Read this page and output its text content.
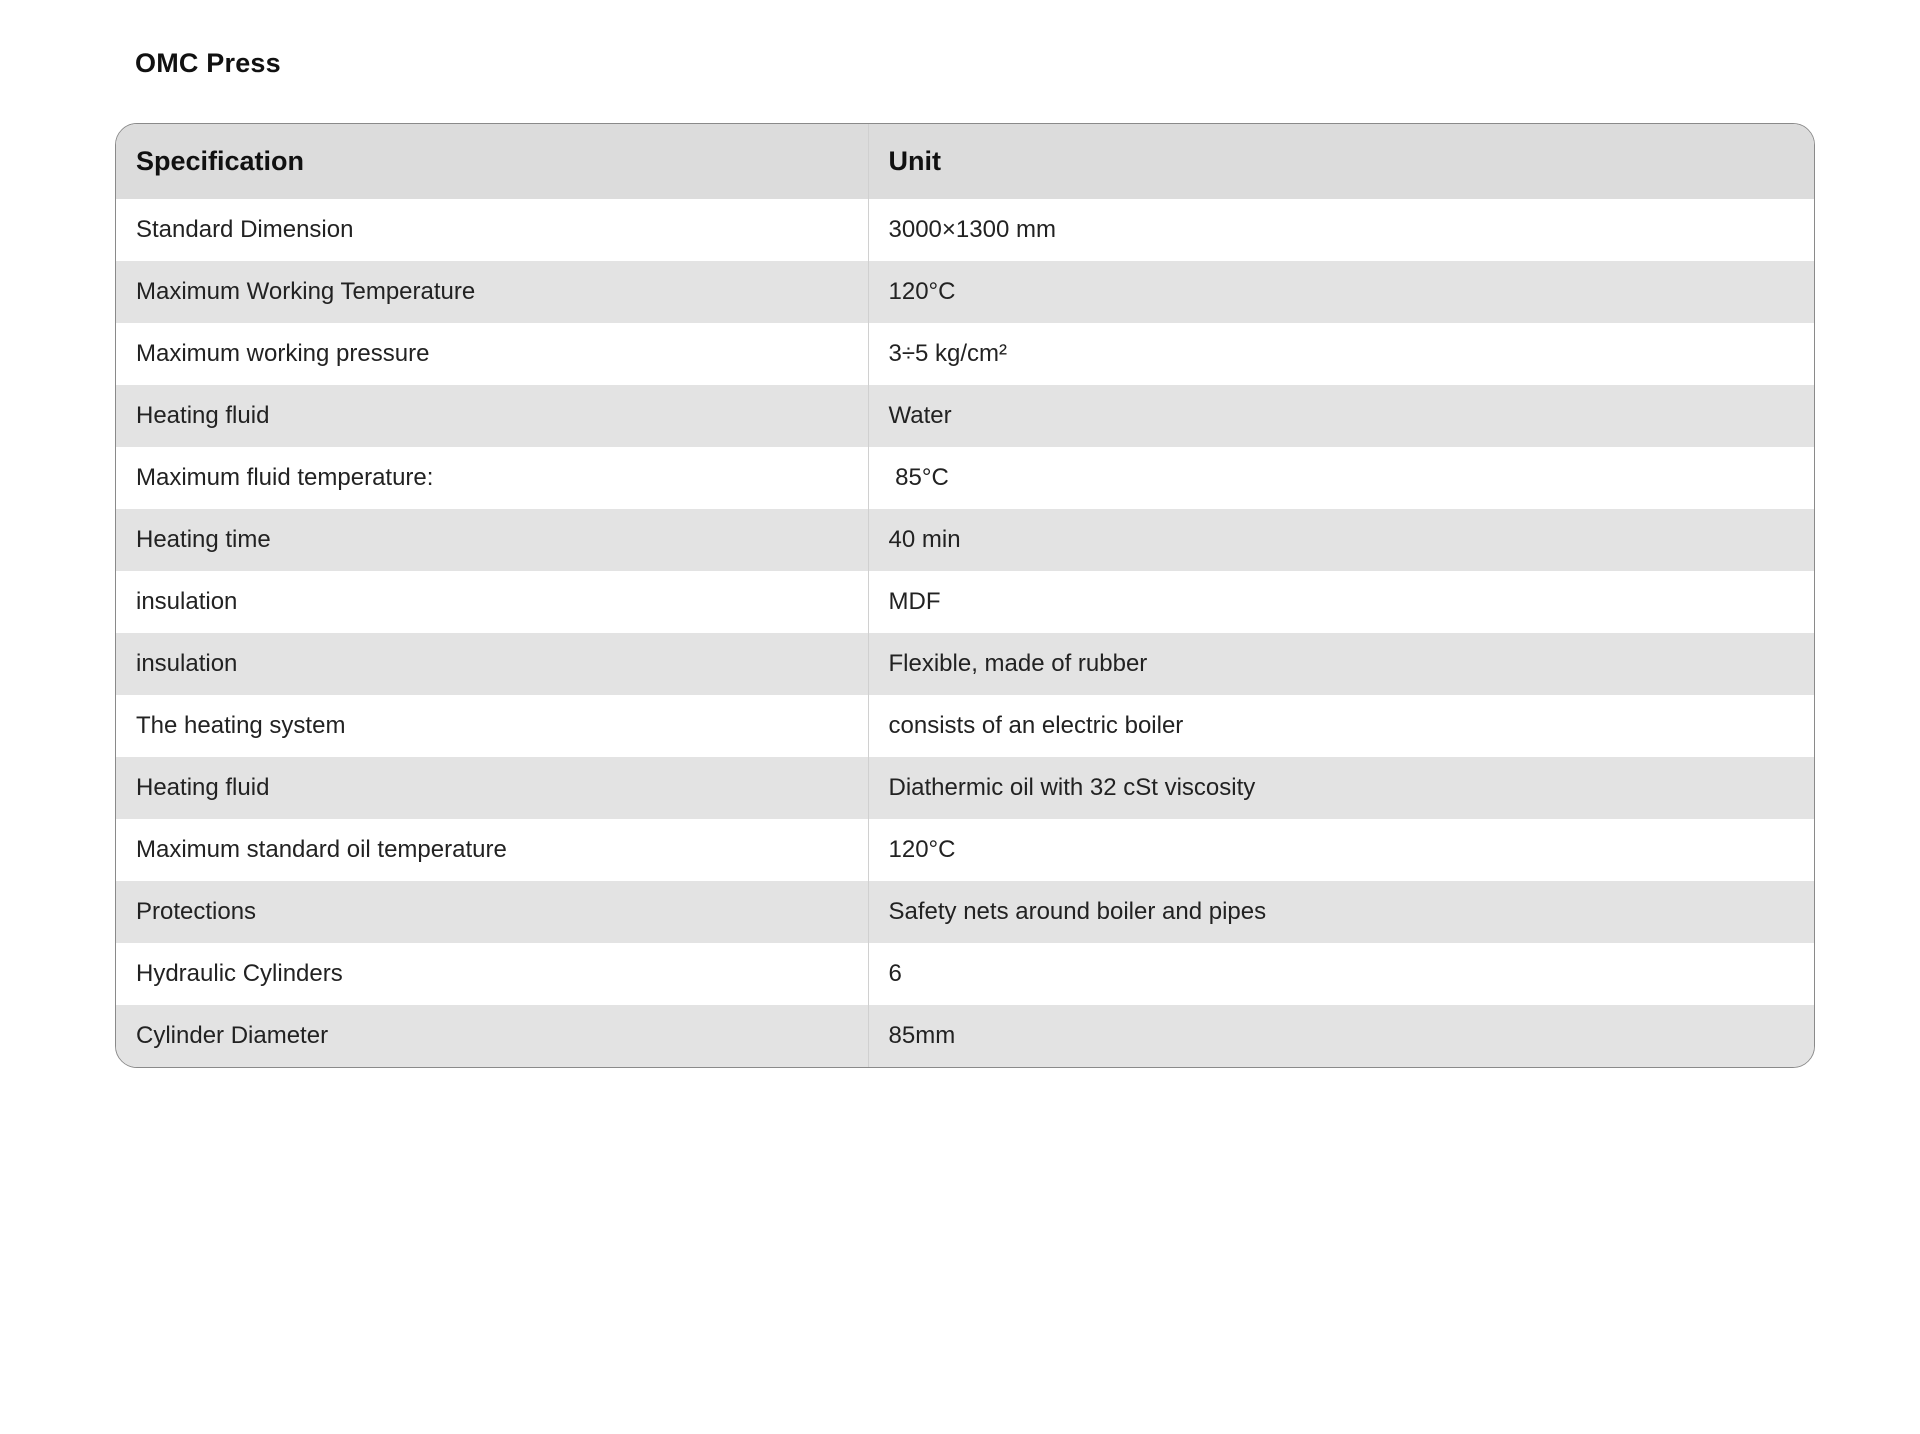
OMC Press
Specification	Unit
Standard Dimension	3000×1300 mm
Maximum Working Temperature	120°C
Maximum working pressure	3÷5 kg/cm²
Heating fluid	Water
Maximum fluid temperature:	85°C
Heating time	40 min
insulation	MDF
insulation	Flexible, made of rubber
The heating system	consists of an electric boiler
Heating fluid	Diathermic oil with 32 cSt viscosity
Maximum standard oil temperature	120°C
Protections	Safety nets around boiler and pipes
Hydraulic Cylinders	6
Cylinder Diameter	85mm
